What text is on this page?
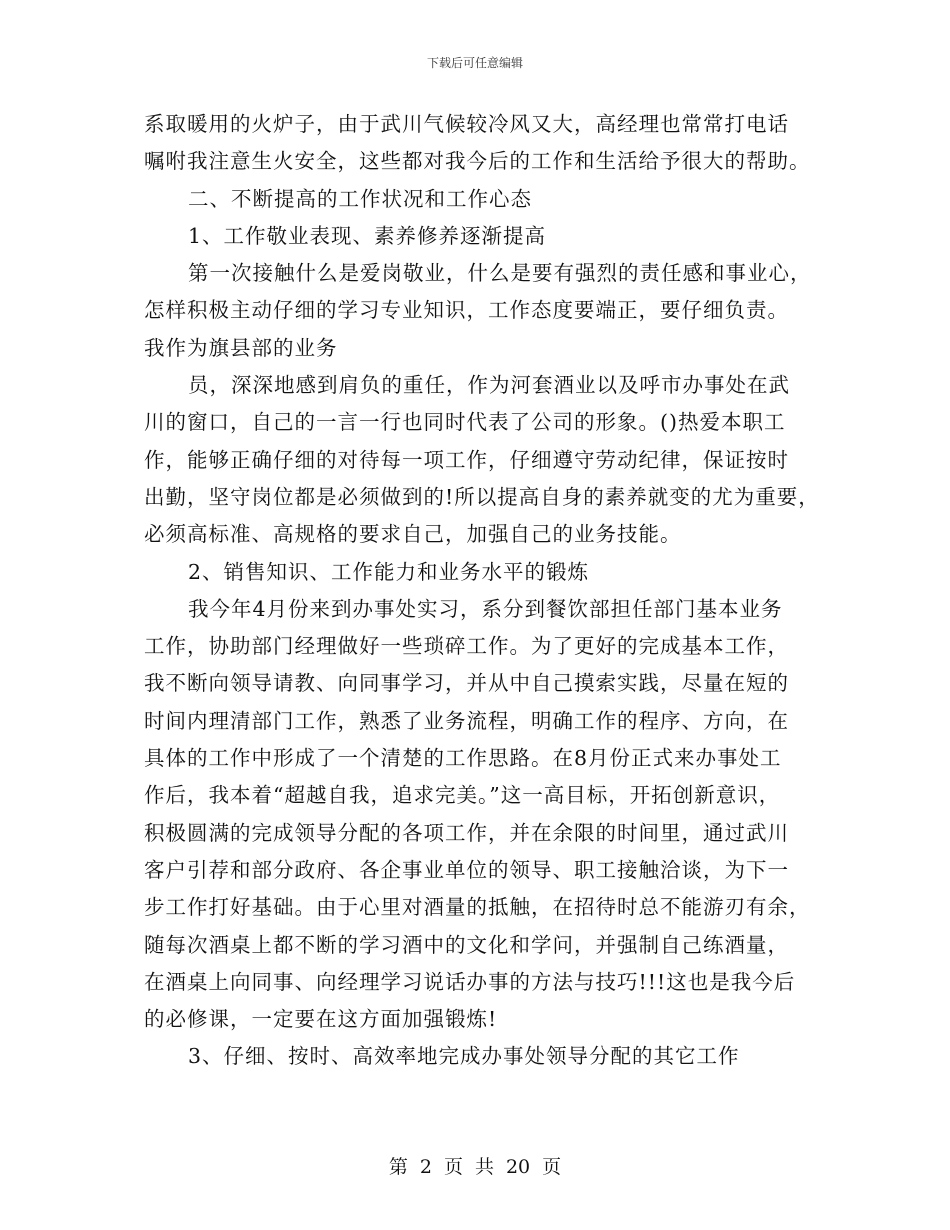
下载后可任意编辑
系取暖用的火炉子，由于武川气候较冷风又大，高经理也常常打电话
嘱咐我注意生火安全，这些都对我今后的工作和生活给予很大的帮助。
二、不断提高的工作状况和工作心态
1、工作敬业表现、素养修养逐渐提高
第一次接触什么是爱岗敬业，什么是要有强烈的责任感和事业心，
怎样积极主动仔细的学习专业知识，工作态度要端正，要仔细负责。
我作为旗县部的业务
员，深深地感到肩负的重任，作为河套酒业以及呼市办事处在武
川的窗口，自己的一言一行也同时代表了公司的形象。()热爱本职工
作，能够正确仔细的对待每一项工作，仔细遵守劳动纪律，保证按时
出勤，坚守岗位都是必须做到的!所以提高自身的素养就变的尤为重要，
必须高标准、高规格的要求自己，加强自己的业务技能。
2、销售知识、工作能力和业务水平的锻炼
我今年4月份来到办事处实习，系分到餐饮部担任部门基本业务
工作，协助部门经理做好一些琐碎工作。为了更好的完成基本工作，
我不断向领导请教、向同事学习，并从中自己摸索实践，尽量在短的
时间内理清部门工作，熟悉了业务流程，明确工作的程序、方向，在
具体的工作中形成了一个清楚的工作思路。在8月份正式来办事处工
作后，我本着“超越自我，追求完美。”这一高目标，开拓创新意识，
积极圆满的完成领导分配的各项工作，并在余限的时间里，通过武川
客户引荐和部分政府、各企事业单位的领导、职工接触洽谈，为下一
步工作打好基础。由于心里对酒量的抵触，在招待时总不能游刃有余，
随每次酒桌上都不断的学习酒中的文化和学问，并强制自己练酒量，
在酒桌上向同事、向经理学习说话办事的方法与技巧!!!这也是我今后
的必修课，一定要在这方面加强锻炼!
3、仔细、按时、高效率地完成办事处领导分配的其它工作
第 2 页 共 20 页
